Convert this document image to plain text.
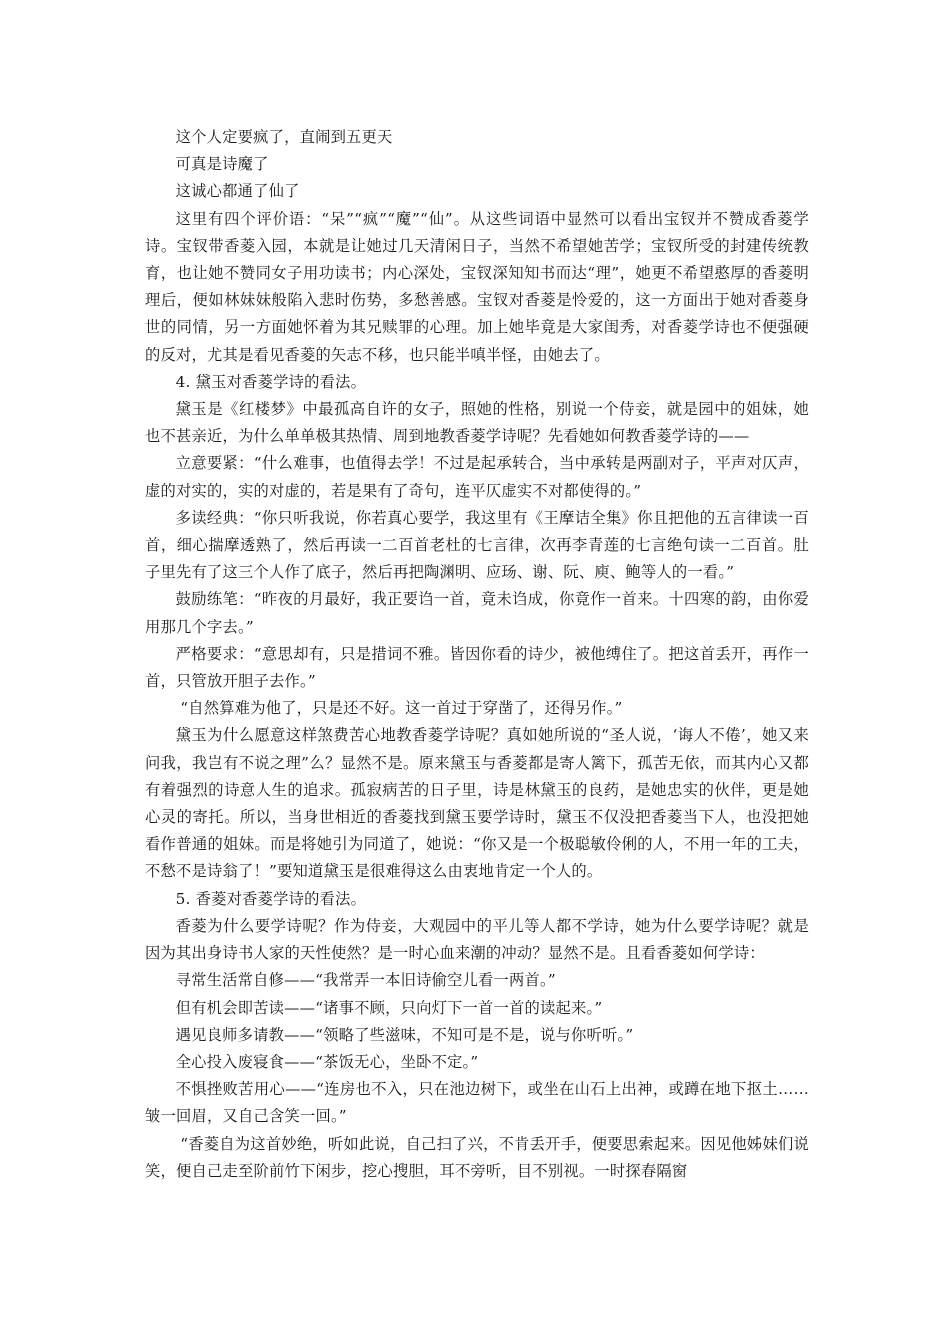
这个人定要疯了，直闹到五更天

可真是诗魔了

这诚心都通了仙了

这里有四个评价语：“呆”“疯”“魔”“仙”。从这些词语中显然可以看出宝钗并不赞成香菱学诗。宝钗带香菱入园，本就是让她过几天清闲日子，当然不希望她苦学；宝钗所受的封建传统教育，也让她不赞同女子用功读书；内心深处，宝钗深知知书而达“理”，她更不希望憨厚的香菱明理后，便如林妹妹般陷入悲时伤势，多愁善感。宝钗对香菱是怜爱的，这一方面出于她对香菱身世的同情，另一方面她怀着为其兄赎罪的心理。加上她毕竟是大家闺秀，对香菱学诗也不便强硬的反对，尤其是看见香菱的矢志不移，也只能半嗔半怪，由她去了。

4. 黛玉对香菱学诗的看法。

黛玉是《红楼梦》中最孤高自许的女子，照她的性格，别说一个侍妾，就是园中的姐妹，她也不甚亲近，为什么单单极其热情、周到地教香菱学诗呢？先看她如何教香菱学诗的——

立意要紧：“什么难事，也值得去学！不过是起承转合，当中承转是两副对子，平声对仄声，虚的对实的，实的对虚的，若是果有了奇句，连平仄虚实不对都使得的。”

多读经典：“你只听我说，你若真心要学，我这里有《王摩诘全集》你且把他的五言律读一百首，细心揣摩透熟了，然后再读一二百首老杜的七言律，次再李青莲的七言绝句读一二百首。肚子里先有了这三个人作了底子，然后再把陶渊明、应玚、谢、阮、庾、鲍等人的一看。”

鼓励练笔：“昨夜的月最好，我正要诌一首，竟未诌成，你竟作一首来。十四寒的韵，由你爱用那几个字去。”

严格要求：“意思却有，只是措词不雅。皆因你看的诗少，被他缚住了。把这首丢开，再作一首，只管放开胆子去作。”

“自然算难为他了，只是还不好。这一首过于穿凿了，还得另作。”

黛玉为什么愿意这样煞费苦心地教香菱学诗呢？真如她所说的“圣人说，‘诲人不倦’，她又来问我，我岂有不说之理”么？显然不是。原来黛玉与香菱都是寄人篱下，孤苦无依，而其内心又都有着强烈的诗意人生的追求。孤寂病苦的日子里，诗是林黛玉的良药，是她忠实的伙伴，更是她心灵的寄托。所以，当身世相近的香菱找到黛玉要学诗时，黛玉不仅没把香菱当下人，也没把她看作普通的姐妹。而是将她引为同道了，她说：“你又是一个极聪敏伶俐的人，不用一年的工夫，不愁不是诗翁了！”要知道黛玉是很难得这么由衷地肯定一个人的。

5. 香菱对香菱学诗的看法。

香菱为什么要学诗呢？作为侍妾，大观园中的平儿等人都不学诗，她为什么要学诗呢？就是因为其出身诗书人家的天性使然？是一时心血来潮的冲动？显然不是。且看香菱如何学诗：

寻常生活常自修——“我常弄一本旧诗偷空儿看一两首。”

但有机会即苦读——“诸事不顾，只向灯下一首一首的读起来。”

遇见良师多请教——“领略了些滋味，不知可是不是，说与你听听。”

全心投入废寝食——“茶饭无心，坐卧不定。”

不惧挫败苦用心——“连房也不入，只在池边树下，或坐在山石上出神，或蹲在地下抠土……皱一回眉，又自己含笑一回。”

“香菱自为这首妙绝，听如此说，自己扫了兴，不肯丢开手，便要思索起来。因见他姊妹们说笑，便自己走至阶前竹下闲步，挖心搜胆，耳不旁听，目不别视。一时探春隔窗
